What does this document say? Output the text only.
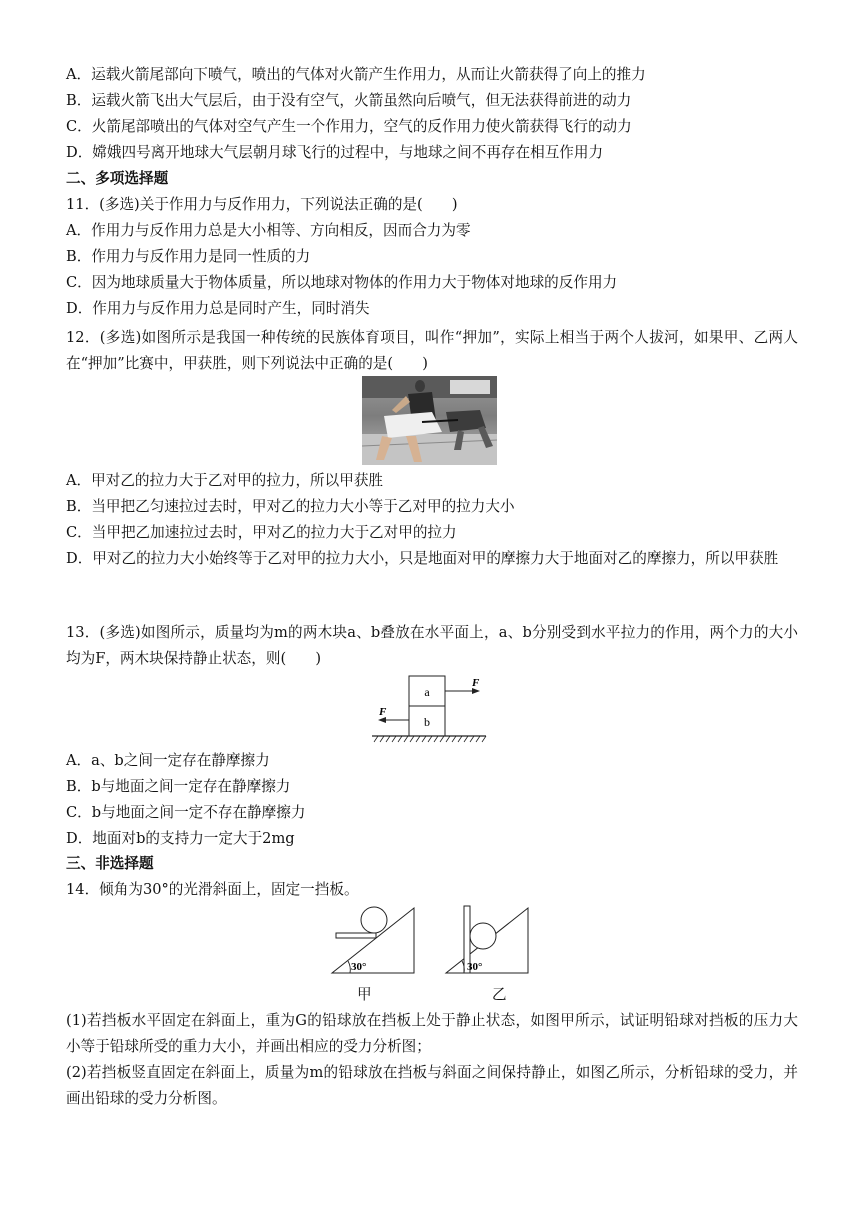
A．运载火箭尾部向下喷气，喷出的气体对火箭产生作用力，从而让火箭获得了向上的推力
B．运载火箭飞出大气层后，由于没有空气，火箭虽然向后喷气，但无法获得前进的动力
C．火箭尾部喷出的气体对空气产生一个作用力，空气的反作用力使火箭获得飞行的动力
D．嫦娥四号离开地球大气层朝月球飞行的过程中，与地球之间不再存在相互作用力
二、多项选择题
11．(多选)关于作用力与反作用力，下列说法正确的是(　　)
A．作用力与反作用力总是大小相等、方向相反，因而合力为零
B．作用力与反作用力是同一性质的力
C．因为地球质量大于物体质量，所以地球对物体的作用力大于物体对地球的反作用力
D．作用力与反作用力总是同时产生，同时消失
12．(多选)如图所示是我国一种传统的民族体育项目，叫作“押加”，实际上相当于两个人拔河，如果甲、乙两人在“押加”比赛中，甲获胜，则下列说法中正确的是(　　)
A．甲对乙的拉力大于乙对甲的拉力，所以甲获胜
B．当甲把乙匀速拉过去时，甲对乙的拉力大小等于乙对甲的拉力大小
C．当甲把乙加速拉过去时，甲对乙的拉力大于乙对甲的拉力
D．甲对乙的拉力大小始终等于乙对甲的拉力大小，只是地面对甲的摩擦力大于地面对乙的摩擦力，所以甲获胜
13．(多选)如图所示，质量均为m的两木块a、b叠放在水平面上，a、b分别受到水平拉力的作用，两个力的大小均为F，两木块保持静止状态，则(　　)
a
b
F
F
A．a、b之间一定存在静摩擦力
B．b与地面之间一定存在静摩擦力
C．b与地面之间一定不存在静摩擦力
D．地面对b的支持力一定大于2mg
三、非选择题
14．倾角为30°的光滑斜面上，固定一挡板。
30°
甲
30°
乙
(1)若挡板水平固定在斜面上，重为G的铅球放在挡板上处于静止状态，如图甲所示，试证明铅球对挡板的压力大小等于铅球所受的重力大小，并画出相应的受力分析图；
(2)若挡板竖直固定在斜面上，质量为m的铅球放在挡板与斜面之间保持静止，如图乙所示，分析铅球的受力，并画出铅球的受力分析图。
